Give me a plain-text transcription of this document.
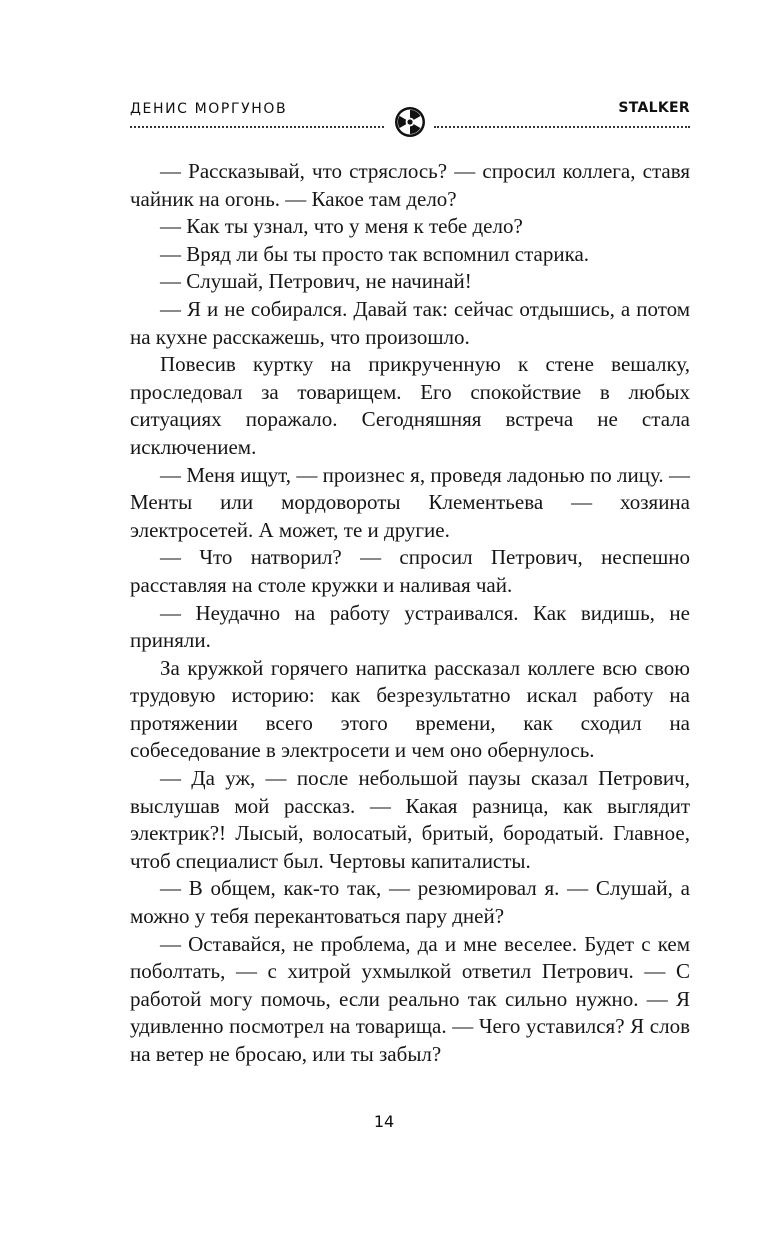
ДЕНИС МОРГУНОВ	STALKER

— Рассказывай, что стряслось? — спросил коллега, ставя чайник на огонь. — Какое там дело?

— Как ты узнал, что у меня к тебе дело?

— Вряд ли бы ты просто так вспомнил старика.

— Слушай, Петрович, не начинай!

— Я и не собирался. Давай так: сейчас отдышись, а потом на кухне расскажешь, что произошло.

Повесив куртку на прикрученную к стене вешалку, проследовал за товарищем. Его спокойствие в любых ситуациях поражало. Сегодняшняя встреча не стала исключением.

— Меня ищут, — произнес я, проведя ладонью по лицу. — Менты или мордовороты Клементьева — хозяина электросетей. А может, те и другие.

— Что натворил? — спросил Петрович, неспешно расставляя на столе кружки и наливая чай.

— Неудачно на работу устраивался. Как видишь, не приняли.

За кружкой горячего напитка рассказал коллеге всю свою трудовую историю: как безрезультатно искал работу на протяжении всего этого времени, как сходил на собеседование в электросети и чем оно обернулось.

— Да уж, — после небольшой паузы сказал Петрович, выслушав мой рассказ. — Какая разница, как выглядит электрик?! Лысый, волосатый, бритый, бородатый. Главное, чтоб специалист был. Чертовы капиталисты.

— В общем, как-то так, — резюмировал я. — Слушай, а можно у тебя перекантоваться пару дней?

— Оставайся, не проблема, да и мне веселее. Будет с кем поболтать, — с хитрой ухмылкой ответил Петрович. — С работой могу помочь, если реально так сильно нужно. — Я удивленно посмотрел на товарища. — Чего уставился? Я слов на ветер не бросаю, или ты забыл?

14
